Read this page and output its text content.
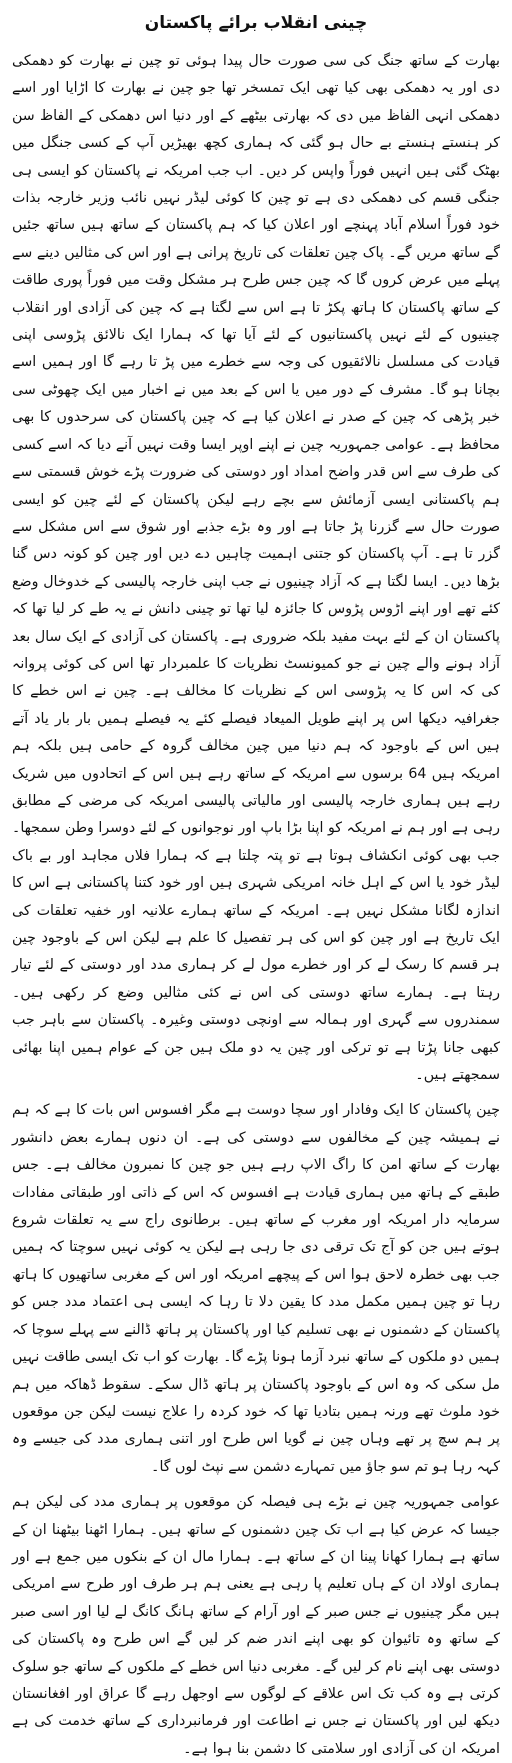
چینی انقلاب برائے پاکستان

بھارت کے ساتھ جنگ کی سی صورت حال پیدا ہوئی تو چین نے بھارت کو دھمکی دی اور یہ دھمکی بھی کیا تھی ایک تمسخر تھا جو چین نے بھارت کا اڑایا اور اسے دھمکی انہی الفاظ میں دی کہ بھارتی بیٹھے کے اور دنیا اس دھمکی کے الفاظ سن کر ہنستے ہنستے بے حال ہو گئی کہ ہماری کچھ بھیڑیں آپ کے کسی جنگل میں بھٹک گئی ہیں انہیں فوراً واپس کر دیں۔ اب جب امریکہ نے پاکستان کو ایسی ہی جنگی قسم کی دھمکی دی ہے تو چین کا کوئی لیڈر نہیں نائب وزیر خارجہ بذات خود فوراً اسلام آباد پہنچے اور اعلان کیا کہ ہم پاکستان کے ساتھ ہیں ساتھ جئیں گے ساتھ مریں گے۔ پاک چین تعلقات کی تاریخ پرانی ہے اور اس کی مثالیں دینے سے پہلے میں عرض کروں گا کہ چین جس طرح ہر مشکل وقت میں فوراً پوری طاقت کے ساتھ پاکستان کا ہاتھ پکڑ تا ہے اس سے لگتا ہے کہ چین کی آزادی اور انقلاب چینیوں کے لئے نہیں پاکستانیوں کے لئے آیا تھا کہ ہمارا ایک نالائق پڑوسی اپنی قیادت کی مسلسل نالائقیوں کی وجہ سے خطرے میں پڑ تا رہے گا اور ہمیں اسے بچانا ہو گا۔ مشرف کے دور میں یا اس کے بعد میں نے اخبار میں ایک چھوٹی سی خبر پڑھی کہ چین کے صدر نے اعلان کیا ہے کہ چین پاکستان کی سرحدوں کا بھی محافظ ہے۔ عوامی جمہوریہ چین نے اپنے اوپر ایسا وقت نہیں آنے دیا کہ اسے کسی کی طرف سے اس قدر واضح امداد اور دوستی کی ضرورت پڑے خوش قسمتی سے ہم پاکستانی ایسی آزمائش سے بچے رہے لیکن پاکستان کے لئے چین کو ایسی صورت حال سے گزرنا پڑ جاتا ہے اور وہ بڑے جذبے اور شوق سے اس مشکل سے گزر تا ہے۔ آپ پاکستان کو جتنی اہمیت چاہیں دے دیں اور چین کو کونہ دس گنا بڑھا دیں۔ ایسا لگتا ہے کہ آزاد چینیوں نے جب اپنی خارجہ پالیسی کے خدوخال وضع کئے تھے اور اپنے اڑوس پڑوس کا جائزہ لیا تھا تو چینی دانش نے یہ طے کر لیا تھا کہ پاکستان ان کے لئے بہت مفید بلکہ ضروری ہے۔ پاکستان کی آزادی کے ایک سال بعد آزاد ہونے والے چین نے جو کمیونسٹ نظریات کا علمبردار تھا اس کی کوئی پروانہ کی کہ اس کا یہ پڑوسی اس کے نظریات کا مخالف ہے۔ چین نے اس خطے کا جغرافیہ دیکھا اس پر اپنے طویل المیعاد فیصلے کئے یہ فیصلے ہمیں بار بار یاد آتے ہیں اس کے باوجود کہ ہم دنیا میں چین مخالف گروہ کے حامی ہیں بلکہ ہم امریکہ ہیں 64 برسوں سے امریکہ کے ساتھ رہے ہیں اس کے اتحادوں میں شریک رہے ہیں ہماری خارجہ پالیسی اور مالیاتی پالیسی امریکہ کی مرضی کے مطابق رہی ہے اور ہم نے امریکہ کو اپنا بڑا باپ اور نوجوانوں کے لئے دوسرا وطن سمجھا۔ جب بھی کوئی انکشاف ہوتا ہے تو پتہ چلتا ہے کہ ہمارا فلاں مجاہد اور بے باک لیڈر خود یا اس کے اہل خانہ امریکی شہری ہیں اور خود کتنا پاکستانی ہے اس کا اندازہ لگانا مشکل نہیں ہے۔ امریکہ کے ساتھ ہمارے علانیہ اور خفیہ تعلقات کی ایک تاریخ ہے اور چین کو اس کی ہر تفصیل کا علم ہے لیکن اس کے باوجود چین ہر قسم کا رسک لے کر اور خطرے مول لے کر ہماری مدد اور دوستی کے لئے تیار رہتا ہے۔ ہمارے ساتھ دوستی کی اس نے کئی مثالیں وضع کر رکھی ہیں۔ سمندروں سے گہری اور ہمالہ سے اونچی دوستی وغیرہ۔ پاکستان سے باہر جب کبھی جانا پڑتا ہے تو ترکی اور چین یہ دو ملک ہیں جن کے عوام ہمیں اپنا بھائی سمجھتے ہیں۔

چین پاکستان کا ایک وفادار اور سچا دوست ہے مگر افسوس اس بات کا ہے کہ ہم نے ہمیشہ چین کے مخالفوں سے دوستی کی ہے۔ ان دنوں ہمارے بعض دانشور بھارت کے ساتھ امن کا راگ الاپ رہے ہیں جو چین کا نمبرون مخالف ہے۔ جس طبقے کے ہاتھ میں ہماری قیادت ہے افسوس کہ اس کے ذاتی اور طبقاتی مفادات سرمایہ دار امریکہ اور مغرب کے ساتھ ہیں۔ برطانوی راج سے یہ تعلقات شروع ہوتے ہیں جن کو آج تک ترقی دی جا رہی ہے لیکن یہ کوئی نہیں سوچتا کہ ہمیں جب بھی خطرہ لاحق ہوا اس کے پیچھے امریکہ اور اس کے مغربی ساتھیوں کا ہاتھ رہا تو چین ہمیں مکمل مدد کا یقین دلا تا رہا کہ ایسی ہی اعتماد مدد جس کو پاکستان کے دشمنوں نے بھی تسلیم کیا اور پاکستان پر ہاتھ ڈالنے سے پہلے سوچا کہ ہمیں دو ملکوں کے ساتھ نبرد آزما ہونا پڑے گا۔ بھارت کو اب تک ایسی طاقت نہیں مل سکی کہ وہ اس کے باوجود پاکستان پر ہاتھ ڈال سکے۔ سقوط ڈھاکہ میں ہم خود ملوث تھے ورنہ ہمیں بتادیا تھا کہ خود کردہ را علاج نیست لیکن جن موقعوں پر ہم سچ پر تھے وہاں چین نے گویا اس طرح اور اتنی ہماری مدد کی جیسے وہ کہہ رہا ہو تم سو جاؤ میں تمہارے دشمن سے نپٹ لوں گا۔

عوامی جمہوریہ چین نے بڑے ہی فیصلہ کن موقعوں پر ہماری مدد کی لیکن ہم جیسا کہ عرض کیا ہے اب تک چین دشمنوں کے ساتھ ہیں۔ ہمارا اٹھنا بیٹھنا ان کے ساتھ ہے ہمارا کھانا پینا ان کے ساتھ ہے۔ ہمارا مال ان کے بنکوں میں جمع ہے اور ہماری اولاد ان کے ہاں تعلیم پا رہی ہے یعنی ہم ہر طرف اور طرح سے امریکی ہیں مگر چینیوں نے جس صبر کے اور آرام کے ساتھ ہانگ کانگ لے لیا اور اسی صبر کے ساتھ وہ تائیوان کو بھی اپنے اندر ضم کر لیں گے اس طرح وہ پاکستان کی دوستی بھی اپنے نام کر لیں گے۔ مغربی دنیا اس خطے کے ملکوں کے ساتھ جو سلوک کرتی ہے وہ کب تک اس علاقے کے لوگوں سے اوجھل رہے گا عراق اور افغانستان دیکھ لیں اور پاکستان نے جس نے اطاعت اور فرمانبرداری کے ساتھ خدمت کی ہے امریکہ ان کی آزادی اور سلامتی کا دشمن بنا ہوا ہے۔
